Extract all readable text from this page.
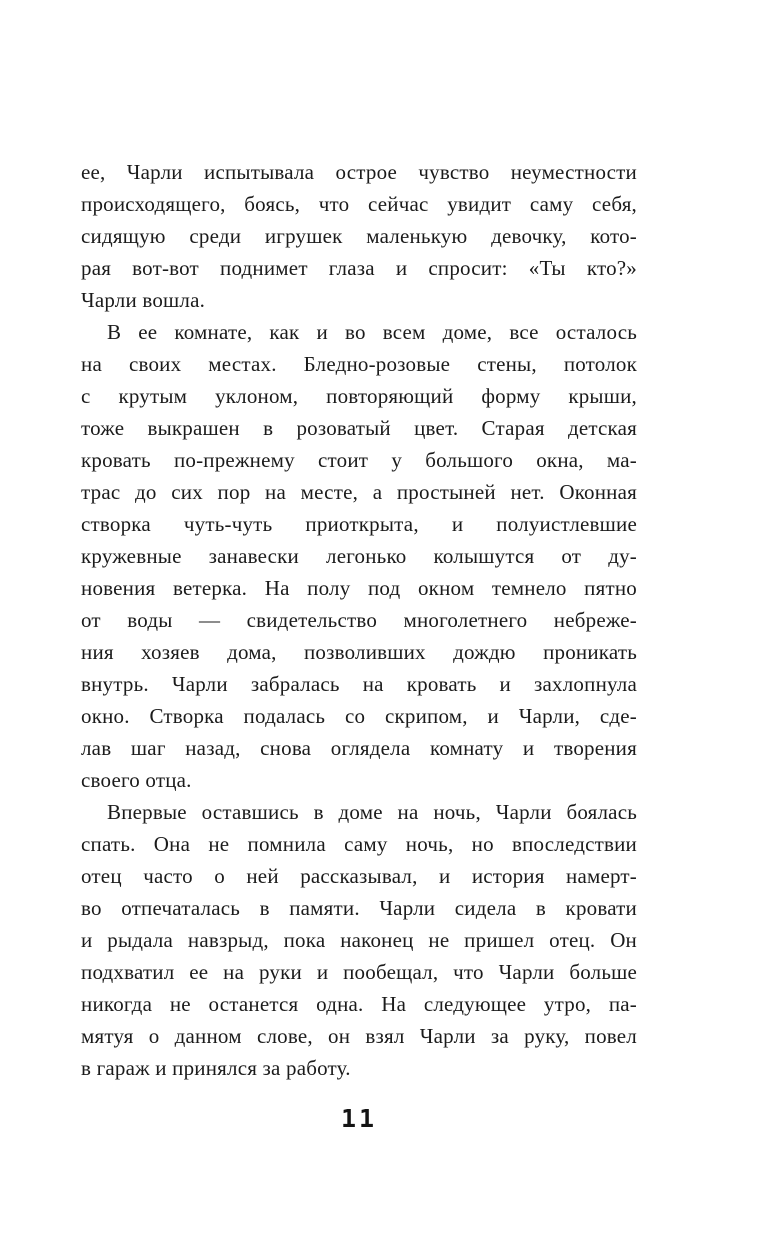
ее, Чарли испытывала острое чувство неуместности
происходящего, боясь, что сейчас увидит саму себя,
сидящую среди игрушек маленькую девочку, кото-
рая вот-вот поднимет глаза и спросит: «Ты кто?»
Чарли вошла.
В ее комнате, как и во всем доме, все осталось
на своих местах. Бледно-розовые стены, потолок
с крутым уклоном, повторяющий форму крыши,
тоже выкрашен в розоватый цвет. Старая детская
кровать по-прежнему стоит у большого окна, ма-
трас до сих пор на месте, а простыней нет. Оконная
створка чуть-чуть приоткрыта, и полуистлевшие
кружевные занавески легонько колышутся от ду-
новения ветерка. На полу под окном темнело пятно
от воды — свидетельство многолетнего небреже-
ния хозяев дома, позволивших дождю проникать
внутрь. Чарли забралась на кровать и захлопнула
окно. Створка подалась со скрипом, и Чарли, сде-
лав шаг назад, снова оглядела комнату и творения
своего отца.
Впервые оставшись в доме на ночь, Чарли боялась
спать. Она не помнила саму ночь, но впоследствии
отец часто о ней рассказывал, и история намерт-
во отпечаталась в памяти. Чарли сидела в кровати
и рыдала навзрыд, пока наконец не пришел отец. Он
подхватил ее на руки и пообещал, что Чарли больше
никогда не останется одна. На следующее утро, па-
мятуя о данном слове, он взял Чарли за руку, повел
в гараж и принялся за работу.
11
